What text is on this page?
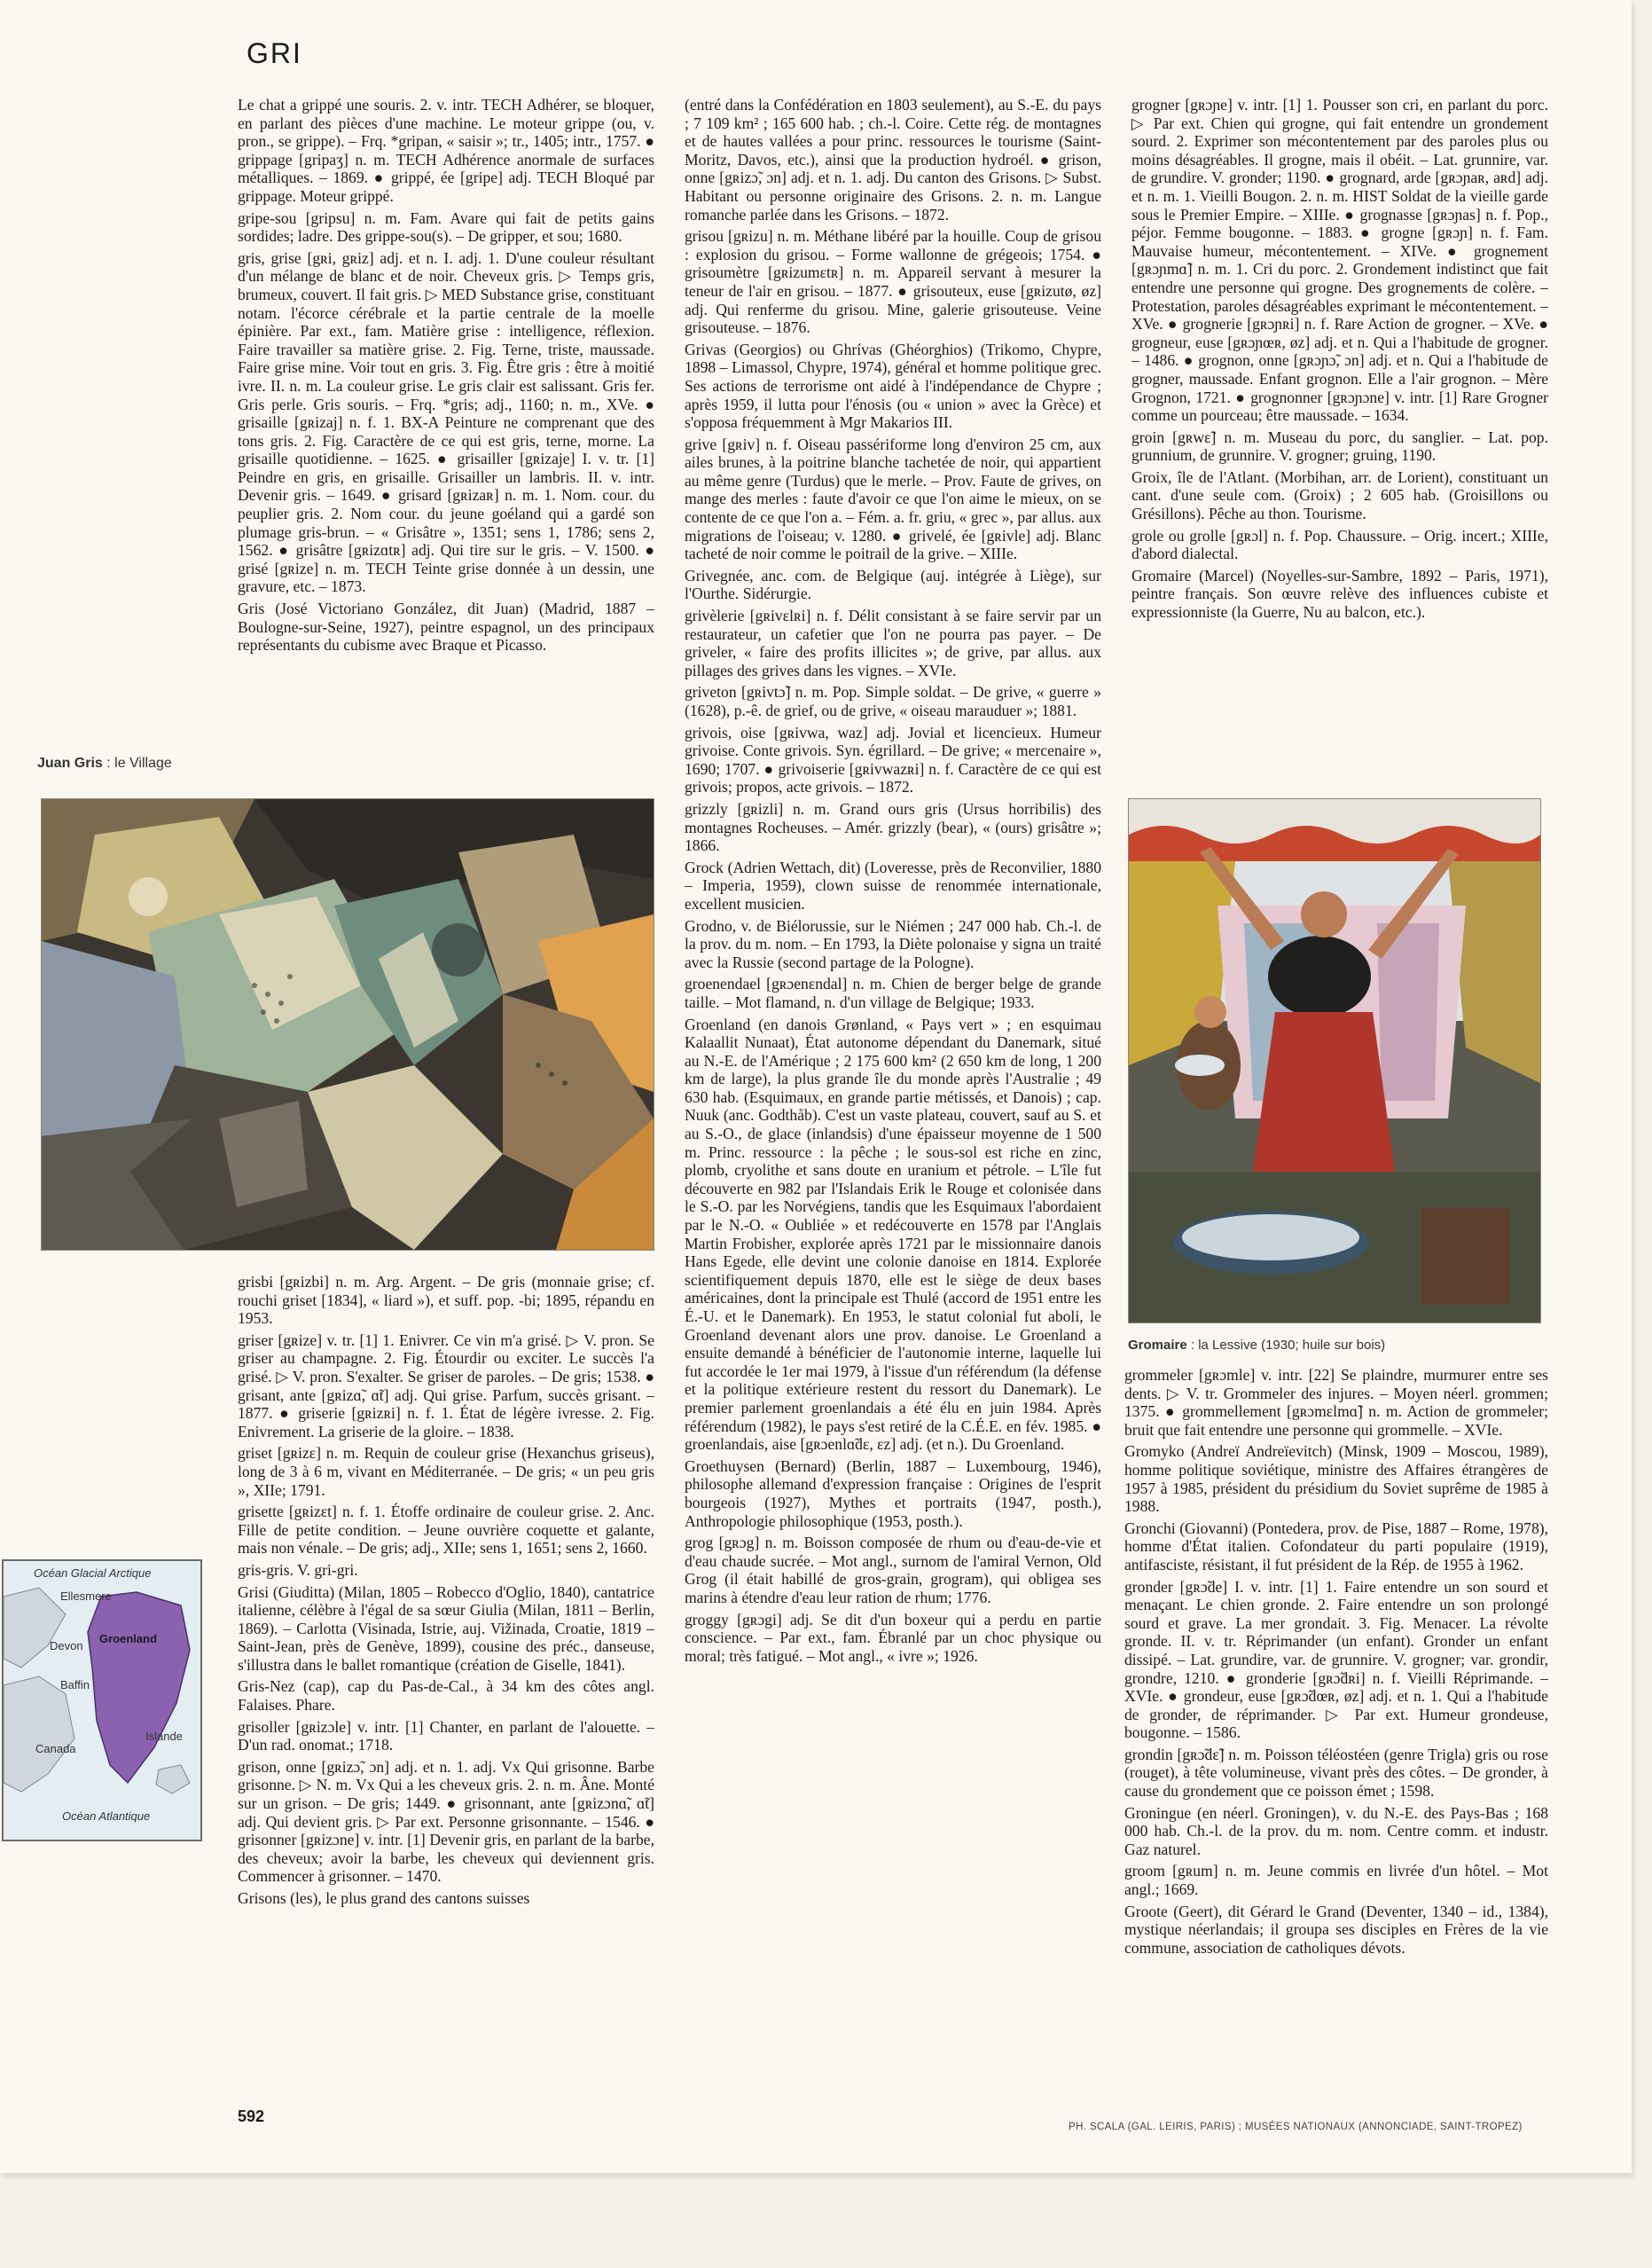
GRI

Le chat a grippé une souris. 2. v. intr. TECH Adhérer, se bloquer, en parlant des pièces d'une machine. Le moteur grippe (ou, v. pron., se grippe). – Frq. *gripan, « saisir »; tr., 1405; intr., 1757. ● grippage [gripaʒ] n. m. TECH Adhérence anormale de surfaces métalliques. – 1869. ● grippé, ée [gripe] adj. TECH Bloqué par grippage. Moteur grippé.

gripe-sou [gripsu] n. m. Fam. Avare qui fait de petits gains sordides; ladre. Des grippe-sou(s). – De gripper, et sou; 1680.

gris, grise [gʀi, gʀiz] adj. et n. I. adj. 1. D'une couleur résultant d'un mélange de blanc et de noir. Cheveux gris. ▷ Temps gris, brumeux, couvert. Il fait gris. ▷ MED Substance grise, constituant notam. l'écorce cérébrale et la partie centrale de la moelle épinière. Par ext., fam. Matière grise : intelligence, réflexion. Faire travailler sa matière grise. 2. Fig. Terne, triste, maussade. Faire grise mine. Voir tout en gris. 3. Fig. Être gris : être à moitié ivre. II. n. m. La couleur grise. Le gris clair est salissant. Gris fer. Gris perle. Gris souris. – Frq. *gris; adj., 1160; n. m., XVe. ● grisaille [gʀizaj] n. f. 1. BX-A Peinture ne comprenant que des tons gris. 2. Fig. Caractère de ce qui est gris, terne, morne. La grisaille quotidienne. – 1625. ● grisailler [gʀizaje] I. v. tr. [1] Peindre en gris, en grisaille. Grisailler un lambris. II. v. intr. Devenir gris. – 1649. ● grisard [gʀizaʀ] n. m. 1. Nom. cour. du peuplier gris. 2. Nom cour. du jeune goéland qui a gardé son plumage gris-brun. – « Grisâtre », 1351; sens 1, 1786; sens 2, 1562. ● grisâtre [gʀizɑtʀ] adj. Qui tire sur le gris. – V. 1500. ● grisé [gʀize] n. m. TECH Teinte grise donnée à un dessin, une gravure, etc. – 1873.

Gris (José Victoriano González, dit Juan) (Madrid, 1887 – Boulogne-sur-Seine, 1927), peintre espagnol, un des principaux représentants du cubisme avec Braque et Picasso.

Juan Gris : le Village

grisbi [gʀizbi] n. m. Arg. Argent. – De gris (monnaie grise; cf. rouchi griset [1834], « liard »), et suff. pop. -bi; 1895, répandu en 1953.

griser [gʀize] v. tr. [1] 1. Enivrer. Ce vin m'a grisé. ▷ V. pron. Se griser au champagne. 2. Fig. Étourdir ou exciter. Le succès l'a grisé. ▷ V. pron. S'exalter. Se griser de paroles. – De gris; 1538. ● grisant, ante [gʀizɑ̃, ɑ̃t] adj. Qui grise. Parfum, succès grisant. – 1877. ● griserie [gʀizʀi] n. f. 1. État de légère ivresse. 2. Fig. Enivrement. La griserie de la gloire. – 1838.

griset [gʀizɛ] n. m. Requin de couleur grise (Hexanchus griseus), long de 3 à 6 m, vivant en Méditerranée. – De gris; « un peu gris », XIIe; 1791.

grisette [gʀizɛt] n. f. 1. Étoffe ordinaire de couleur grise. 2. Anc. Fille de petite condition. – Jeune ouvrière coquette et galante, mais non vénale. – De gris; adj., XIIe; sens 1, 1651; sens 2, 1660.

gris-gris. V. gri-gri.

Grisi (Giuditta) (Milan, 1805 – Robecco d'Oglio, 1840), cantatrice italienne, célèbre à l'égal de sa sœur Giulia (Milan, 1811 – Berlin, 1869). – Carlotta (Visinada, Istrie, auj. Vižinada, Croatie, 1819 – Saint-Jean, près de Genève, 1899), cousine des préc., danseuse, s'illustra dans le ballet romantique (création de Giselle, 1841).

Gris-Nez (cap), cap du Pas-de-Cal., à 34 km des côtes angl. Falaises. Phare.

grisoller [gʀizɔle] v. intr. [1] Chanter, en parlant de l'alouette. – D'un rad. onomat.; 1718.

grison, onne [gʀizɔ̃, ɔn] adj. et n. 1. adj. Vx Qui grisonne. Barbe grisonne. ▷ N. m. Vx Qui a les cheveux gris. 2. n. m. Âne. Monté sur un grison. – De gris; 1449. ● grisonnant, ante [gʀizɔnɑ̃, ɑ̃t] adj. Qui devient gris. ▷ Par ext. Personne grisonnante. – 1546. ● grisonner [gʀizɔne] v. intr. [1] Devenir gris, en parlant de la barbe, des cheveux; avoir la barbe, les cheveux qui deviennent gris. Commencer à grisonner. – 1470.

Grisons (les), le plus grand des cantons suisses

Océan Glacial Arctique
Ellesmere
Groenland
Devon
Baffin
Canada
Islande
Océan Atlantique

(entré dans la Confédération en 1803 seulement), au S.-E. du pays ; 7 109 km² ; 165 600 hab. ; ch.-l. Coire. Cette rég. de montagnes et de hautes vallées a pour princ. ressources le tourisme (Saint-Moritz, Davos, etc.), ainsi que la production hydroél. ● grison, onne [gʀizɔ̃, ɔn] adj. et n. 1. adj. Du canton des Grisons. ▷ Subst. Habitant ou personne originaire des Grisons. 2. n. m. Langue romanche parlée dans les Grisons. – 1872.

grisou [gʀizu] n. m. Méthane libéré par la houille. Coup de grisou : explosion du grisou. – Forme wallonne de grégeois; 1754. ● grisoumètre [gʀizumɛtʀ] n. m. Appareil servant à mesurer la teneur de l'air en grisou. – 1877. ● grisouteux, euse [gʀizutø, øz] adj. Qui renferme du grisou. Mine, galerie grisouteuse. Veine grisouteuse. – 1876.

Grivas (Georgios) ou Ghrívas (Ghéorghios) (Trikomo, Chypre, 1898 – Limassol, Chypre, 1974), général et homme politique grec. Ses actions de terrorisme ont aidé à l'indépendance de Chypre ; après 1959, il lutta pour l'énosis (ou « union » avec la Grèce) et s'opposa fréquemment à Mgr Makarios III.

grive [gʀiv] n. f. Oiseau passériforme long d'environ 25 cm, aux ailes brunes, à la poitrine blanche tachetée de noir, qui appartient au même genre (Turdus) que le merle. – Prov. Faute de grives, on mange des merles : faute d'avoir ce que l'on aime le mieux, on se contente de ce que l'on a. – Fém. a. fr. griu, « grec », par allus. aux migrations de l'oiseau; v. 1280. ● grivelé, ée [gʀivle] adj. Blanc tacheté de noir comme le poitrail de la grive. – XIIIe.

Grivegnée, anc. com. de Belgique (auj. intégrée à Liège), sur l'Ourthe. Sidérurgie.

grivèlerie [gʀivɛlʀi] n. f. Délit consistant à se faire servir par un restaurateur, un cafetier que l'on ne pourra pas payer. – De griveler, « faire des profits illicites »; de grive, par allus. aux pillages des grives dans les vignes. – XVIe.

griveton [gʀivtɔ̃] n. m. Pop. Simple soldat. – De grive, « guerre » (1628), p.-ê. de grief, ou de grive, « oiseau marauduer »; 1881.

grivois, oise [gʀivwa, waz] adj. Jovial et licencieux. Humeur grivoise. Conte grivois. Syn. égrillard. – De grive; « mercenaire », 1690; 1707. ● grivoiserie [gʀivwazʀi] n. f. Caractère de ce qui est grivois; propos, acte grivois. – 1872.

grizzly [gʀizli] n. m. Grand ours gris (Ursus horribilis) des montagnes Rocheuses. – Amér. grizzly (bear), « (ours) grisâtre »; 1866.

Grock (Adrien Wettach, dit) (Loveresse, près de Reconvilier, 1880 – Imperia, 1959), clown suisse de renommée internationale, excellent musicien.

Grodno, v. de Biélorussie, sur le Niémen ; 247 000 hab. Ch.-l. de la prov. du m. nom. – En 1793, la Diète polonaise y signa un traité avec la Russie (second partage de la Pologne).

groenendael [gʀɔenɛndal] n. m. Chien de berger belge de grande taille. – Mot flamand, n. d'un village de Belgique; 1933.

Groenland (en danois Grønland, « Pays vert » ; en esquimau Kalaallit Nunaat), État autonome dépendant du Danemark, situé au N.-E. de l'Amérique ; 2 175 600 km² (2 650 km de long, 1 200 km de large), la plus grande île du monde après l'Australie ; 49 630 hab. (Esquimaux, en grande partie métissés, et Danois) ; cap. Nuuk (anc. Godthåb). C'est un vaste plateau, couvert, sauf au S. et au S.-O., de glace (inlandsis) d'une épaisseur moyenne de 1 500 m. Princ. ressource : la pêche ; le sous-sol est riche en zinc, plomb, cryolithe et sans doute en uranium et pétrole. – L'île fut découverte en 982 par l'Islandais Erik le Rouge et colonisée dans le S.-O. par les Norvégiens, tandis que les Esquimaux l'abordaient par le N.-O. « Oubliée » et redécouverte en 1578 par l'Anglais Martin Frobisher, explorée après 1721 par le missionnaire danois Hans Egede, elle devint une colonie danoise en 1814. Explorée scientifiquement depuis 1870, elle est le siège de deux bases américaines, dont la principale est Thulé (accord de 1951 entre les É.-U. et le Danemark). En 1953, le statut colonial fut aboli, le Groenland devenant alors une prov. danoise. Le Groenland a ensuite demandé à bénéficier de l'autonomie interne, laquelle lui fut accordée le 1er mai 1979, à l'issue d'un référendum (la défense et la politique extérieure restent du ressort du Danemark). Le premier parlement groenlandais a été élu en juin 1984. Après référendum (1982), le pays s'est retiré de la C.É.E. en fév. 1985. ● groenlandais, aise [gʀɔenlɑ̃dɛ, ɛz] adj. (et n.). Du Groenland.

Groethuysen (Bernard) (Berlin, 1887 – Luxembourg, 1946), philosophe allemand d'expression française : Origines de l'esprit bourgeois (1927), Mythes et portraits (1947, posth.), Anthropologie philosophique (1953, posth.).

grog [gʀɔg] n. m. Boisson composée de rhum ou d'eau-de-vie et d'eau chaude sucrée. – Mot angl., surnom de l'amiral Vernon, Old Grog (il était habillé de gros-grain, grogram), qui obligea ses marins à étendre d'eau leur ration de rhum; 1776.

groggy [gʀɔgi] adj. Se dit d'un boxeur qui a perdu en partie conscience. – Par ext., fam. Ébranlé par un choc physique ou moral; très fatigué. – Mot angl., « ivre »; 1926.

grogner [gʀɔɲe] v. intr. [1] 1. Pousser son cri, en parlant du porc. ▷ Par ext. Chien qui grogne, qui fait entendre un grondement sourd. 2. Exprimer son mécontentement par des paroles plus ou moins désagréables. Il grogne, mais il obéit. – Lat. grunnire, var. de grundire. V. gronder; 1190. ● grognard, arde [gʀɔɲaʀ, aʀd] adj. et n. m. 1. Vieilli Bougon. 2. n. m. HIST Soldat de la vieille garde sous le Premier Empire. – XIIIe. ● grognasse [gʀɔɲas] n. f. Pop., péjor. Femme bougonne. – 1883. ● grogne [gʀɔɲ] n. f. Fam. Mauvaise humeur, mécontentement. – XIVe. ● grognement [gʀɔɲmɑ̃] n. m. 1. Cri du porc. 2. Grondement indistinct que fait entendre une personne qui grogne. Des grognements de colère. – Protestation, paroles désagréables exprimant le mécontentement. – XVe. ● grognerie [gʀɔɲʀi] n. f. Rare Action de grogner. – XVe. ● grogneur, euse [gʀɔɲœʀ, øz] adj. et n. Qui a l'habitude de grogner. – 1486. ● grognon, onne [gʀɔɲɔ̃, ɔn] adj. et n. Qui a l'habitude de grogner, maussade. Enfant grognon. Elle a l'air grognon. – Mère Grognon, 1721. ● grognonner [gʀɔɲɔne] v. intr. [1] Rare Grogner comme un pourceau; être maussade. – 1634.

groin [gʀwɛ̃] n. m. Museau du porc, du sanglier. – Lat. pop. grunnium, de grunnire. V. grogner; gruing, 1190.

Groix, île de l'Atlant. (Morbihan, arr. de Lorient), constituant un cant. d'une seule com. (Groix) ; 2 605 hab. (Groisillons ou Grésillons). Pêche au thon. Tourisme.

grole ou grolle [gʀɔl] n. f. Pop. Chaussure. – Orig. incert.; XIIIe, d'abord dialectal.

Gromaire (Marcel) (Noyelles-sur-Sambre, 1892 – Paris, 1971), peintre français. Son œuvre relève des influences cubiste et expressionniste (la Guerre, Nu au balcon, etc.).

Gromaire : la Lessive (1930; huile sur bois)

grommeler [gʀɔmle] v. intr. [22] Se plaindre, murmurer entre ses dents. ▷ V. tr. Grommeler des injures. – Moyen néerl. grommen; 1375. ● grommellement [gʀɔmɛlmɑ̃] n. m. Action de grommeler; bruit que fait entendre une personne qui grommelle. – XVIe.

Gromyko (Andreï Andreïevitch) (Minsk, 1909 – Moscou, 1989), homme politique soviétique, ministre des Affaires étrangères de 1957 à 1985, président du présidium du Soviet suprême de 1985 à 1988.

Gronchi (Giovanni) (Pontedera, prov. de Pise, 1887 – Rome, 1978), homme d'État italien. Cofondateur du parti populaire (1919), antifasciste, résistant, il fut président de la Rép. de 1955 à 1962.

gronder [gʀɔ̃de] I. v. intr. [1] 1. Faire entendre un son sourd et menaçant. Le chien gronde. 2. Faire entendre un son prolongé sourd et grave. La mer grondait. 3. Fig. Menacer. La révolte gronde. II. v. tr. Réprimander (un enfant). Gronder un enfant dissipé. – Lat. grundire, var. de grunnire. V. grogner; var. grondir, grondre, 1210. ● gronderie [gʀɔ̃dʀi] n. f. Vieilli Réprimande. – XVIe. ● grondeur, euse [gʀɔ̃dœʀ, øz] adj. et n. 1. Qui a l'habitude de gronder, de réprimander. ▷ Par ext. Humeur grondeuse, bougonne. – 1586.

grondin [gʀɔ̃dɛ̃] n. m. Poisson téléostéen (genre Trigla) gris ou rose (rouget), à tête volumineuse, vivant près des côtes. – De gronder, à cause du grondement que ce poisson émet ; 1598.

Groningue (en néerl. Groningen), v. du N.-E. des Pays-Bas ; 168 000 hab. Ch.-l. de la prov. du m. nom. Centre comm. et industr. Gaz naturel.

groom [gʀum] n. m. Jeune commis en livrée d'un hôtel. – Mot angl.; 1669.

Groote (Geert), dit Gérard le Grand (Deventer, 1340 – id., 1384), mystique néerlandais; il groupa ses disciples en Frères de la vie commune, association de catholiques dévots.

592
PH. SCALA (GAL. LEIRIS, PARIS) ; MUSÉES NATIONAUX (ANNONCIADE, SAINT-TROPEZ)
